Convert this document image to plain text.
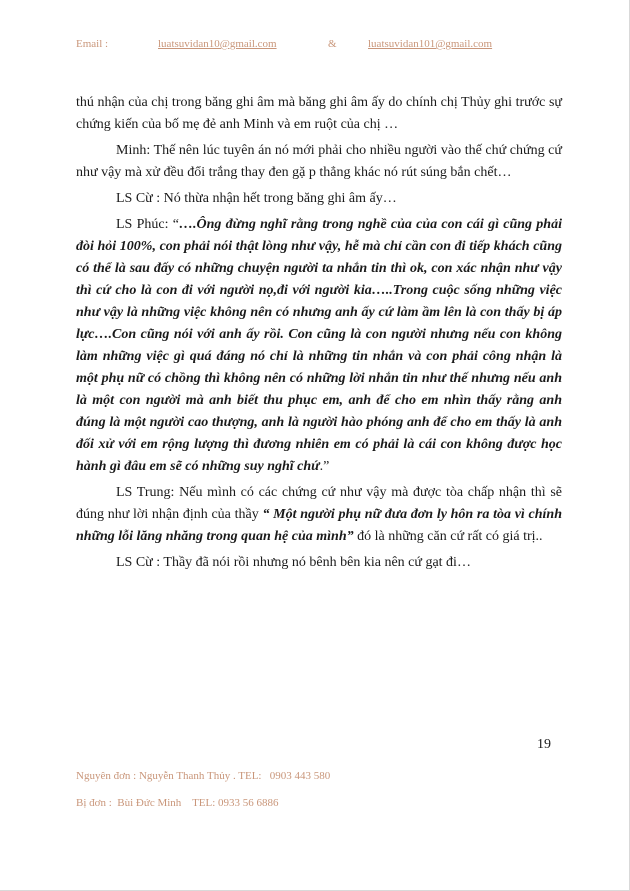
Email :	luatsuvidan10@gmail.com	&	luatsuvidan101@gmail.com

thú nhận của chị trong băng ghi âm mà băng ghi âm ấy do chính chị Thủy ghi trước sự chứng kiến của bố mẹ đẻ anh Minh và em ruột của chị …

Minh: Thế nên lúc tuyên án nó mới phải cho nhiều người vào thế chứ chứng cứ như vậy mà xử đều đổi trắng thay đen gặ p thẳng khác nó rút súng bắn chết…

LS Cừ : Nó thừa nhận hết trong băng ghi âm ấy…

LS Phúc: “….Ông đừng nghĩ rằng trong nghề của của con cái gì cũng phải đòi hỏi 100%, con phải nói thật lòng như vậy, hễ mà chỉ cần con đi tiếp khách cũng có thể là sau đấy có những chuyện người ta nhắn tin thì ok, con xác nhận như vậy thì cứ cho là con đi với người nọ,đi với người kia…..Trong cuộc sống những việc như vậy là những việc không nên có nhưng anh ấy cứ làm ầm lên là con thấy bị áp lực….Con cũng nói với anh ấy rồi. Con cũng là con người nhưng nếu con không làm những việc gì quá đáng nó chỉ là những tin nhắn và con phải công nhận là một phụ nữ có chồng thì không nên có những lời nhắn tin như thế nhưng nếu anh là một con người mà anh biết thu phục em, anh để cho em nhìn thấy rằng anh đúng là một người cao thượng, anh là người hào phóng anh để cho em thấy là anh đối xử với em rộng lượng thì đương nhiên em có phải là cái con không được học hành gì đâu em sẽ có những suy nghĩ chứ.”

LS Trung: Nếu mình có các chứng cứ như vậy mà được tòa chấp nhận thì sẽ đúng như lời nhận định của thầy “ Một người phụ nữ đưa đơn ly hôn ra tòa vì chính những lỗi lăng nhăng trong quan hệ của mình” đó là những căn cứ rất có giá trị..

LS Cừ : Thầy đã nói rồi nhưng nó bênh bên kia nên cứ gạt đi…

19
Nguyên đơn : Nguyễn Thanh Thủy . TEL:   0903 443 580
Bị đơn :  Bùi Đức Minh    TEL: 0933 56 6886
